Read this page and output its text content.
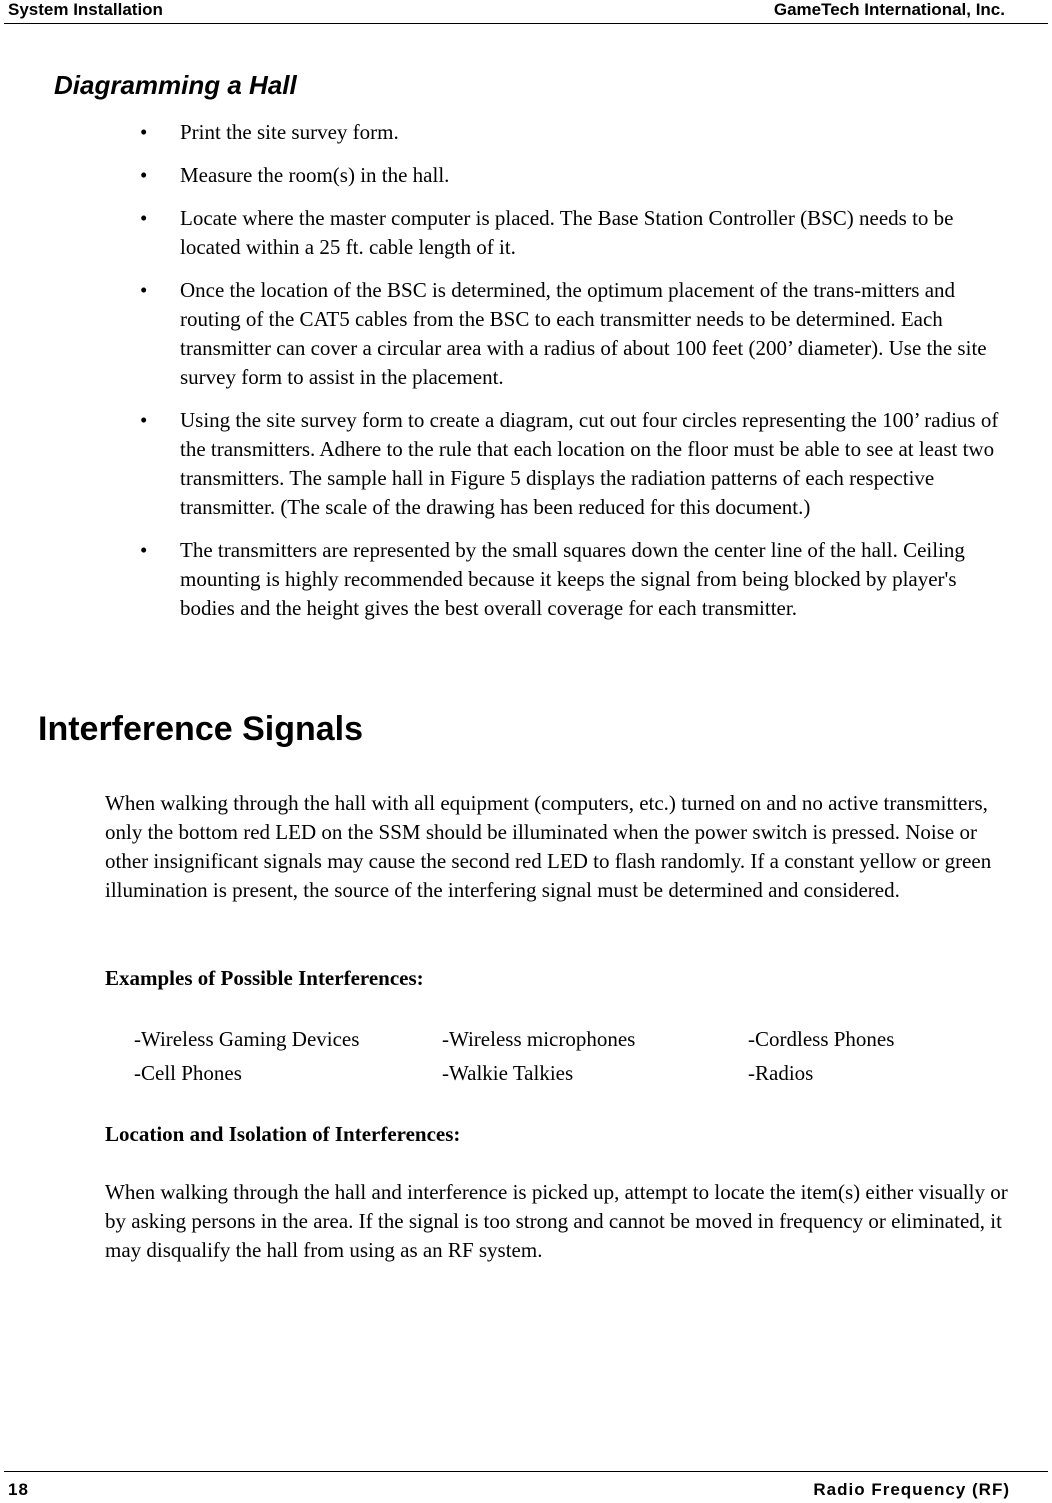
System Installation	GameTech International, Inc.
Diagramming a Hall
• Print the site survey form.
• Measure the room(s) in the hall.
• Locate where the master computer is placed. The Base Station Controller (BSC) needs to be located within a 25 ft. cable length of it.
• Once the location of the BSC is determined, the optimum placement of the trans-mitters and routing of the CAT5 cables from the BSC to each transmitter needs to be determined. Each transmitter can cover a circular area with a radius of about 100 feet (200’ diameter). Use the site survey form to assist in the placement.
• Using the site survey form to create a diagram, cut out four circles representing the 100’ radius of the transmitters. Adhere to the rule that each location on the floor must be able to see at least two transmitters. The sample hall in Figure 5 displays the radiation patterns of each respective transmitter. (The scale of the drawing has been reduced for this document.)
• The transmitters are represented by the small squares down the center line of the hall. Ceiling mounting is highly recommended because it keeps the signal from being blocked by player's bodies and the height gives the best overall coverage for each transmitter.
Interference Signals

When walking through the hall with all equipment (computers, etc.) turned on and no active transmitters, only the bottom red LED on the SSM should be illuminated when the power switch is pressed. Noise or other insignificant signals may cause the second red LED to flash randomly. If a constant yellow or green illumination is present, the source of the interfering signal must be determined and considered.

Examples of Possible Interferences:

-Wireless Gaming Devices	-Wireless microphones	-Cordless Phones
-Cell Phones	-Walkie Talkies	-Radios

Location and Isolation of Interferences:

When walking through the hall and interference is picked up, attempt to locate the item(s) either visually or by asking persons in the area. If the signal is too strong and cannot be moved in frequency or eliminated, it may disqualify the hall from using as an RF system.

18	Radio Frequency (RF)
